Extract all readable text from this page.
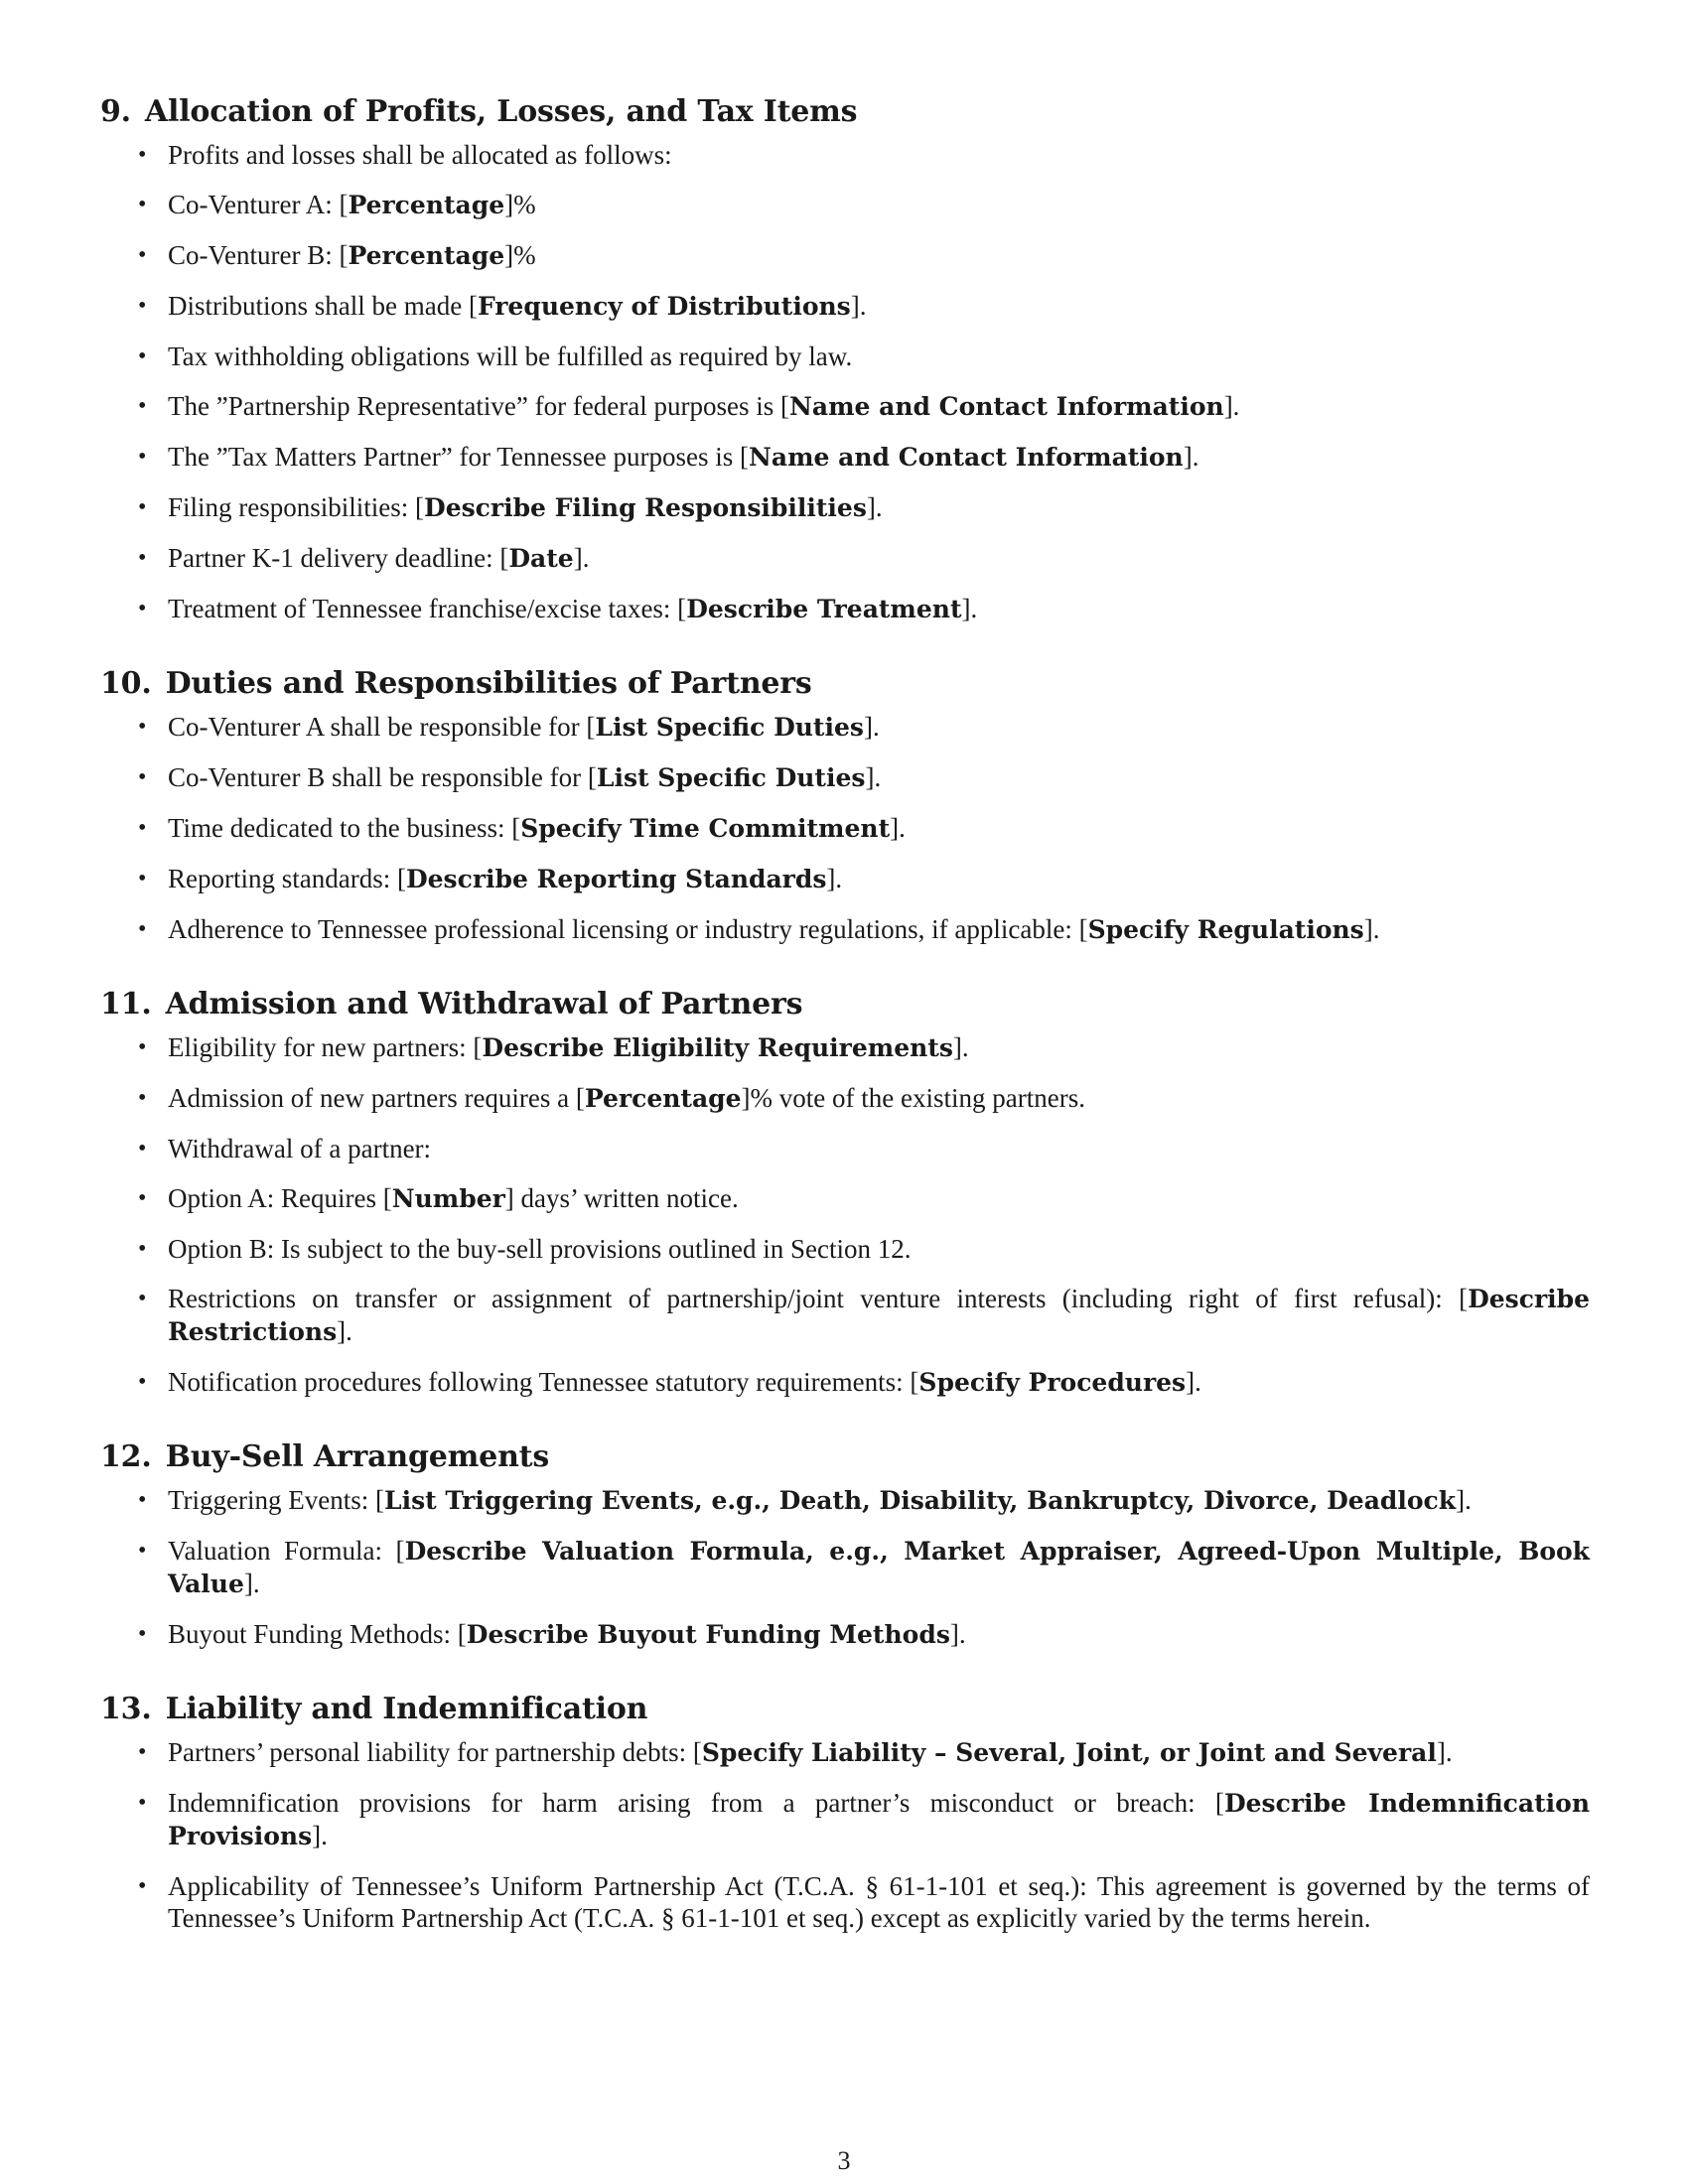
9. Allocation of Profits, Losses, and Tax Items
• Profits and losses shall be allocated as follows:
• Co-Venturer A: [Percentage]%
• Co-Venturer B: [Percentage]%
• Distributions shall be made [Frequency of Distributions].
• Tax withholding obligations will be fulfilled as required by law.
• The ”Partnership Representative” for federal purposes is [Name and Contact Information].
• The ”Tax Matters Partner” for Tennessee purposes is [Name and Contact Information].
• Filing responsibilities: [Describe Filing Responsibilities].
• Partner K-1 delivery deadline: [Date].
• Treatment of Tennessee franchise/excise taxes: [Describe Treatment].
10. Duties and Responsibilities of Partners
• Co-Venturer A shall be responsible for [List Specific Duties].
• Co-Venturer B shall be responsible for [List Specific Duties].
• Time dedicated to the business: [Specify Time Commitment].
• Reporting standards: [Describe Reporting Standards].
• Adherence to Tennessee professional licensing or industry regulations, if applicable: [Specify Regulations].
11. Admission and Withdrawal of Partners
• Eligibility for new partners: [Describe Eligibility Requirements].
• Admission of new partners requires a [Percentage]% vote of the existing partners.
• Withdrawal of a partner:
• Option A: Requires [Number] days’ written notice.
• Option B: Is subject to the buy-sell provisions outlined in Section 12.
• Restrictions on transfer or assignment of partnership/joint venture interests (including right of first refusal): [Describe Restrictions].
• Notification procedures following Tennessee statutory requirements: [Specify Procedures].
12. Buy-Sell Arrangements
• Triggering Events: [List Triggering Events, e.g., Death, Disability, Bankruptcy, Divorce, Deadlock].
• Valuation Formula: [Describe Valuation Formula, e.g., Market Appraiser, Agreed-Upon Multiple, Book Value].
• Buyout Funding Methods: [Describe Buyout Funding Methods].
13. Liability and Indemnification
• Partners’ personal liability for partnership debts: [Specify Liability – Several, Joint, or Joint and Several].
• Indemnification provisions for harm arising from a partner’s misconduct or breach: [Describe Indemnification Provisions].
• Applicability of Tennessee’s Uniform Partnership Act (T.C.A. § 61-1-101 et seq.): This agreement is governed by the terms of Tennessee’s Uniform Partnership Act (T.C.A. § 61-1-101 et seq.) except as explicitly varied by the terms herein.
3
